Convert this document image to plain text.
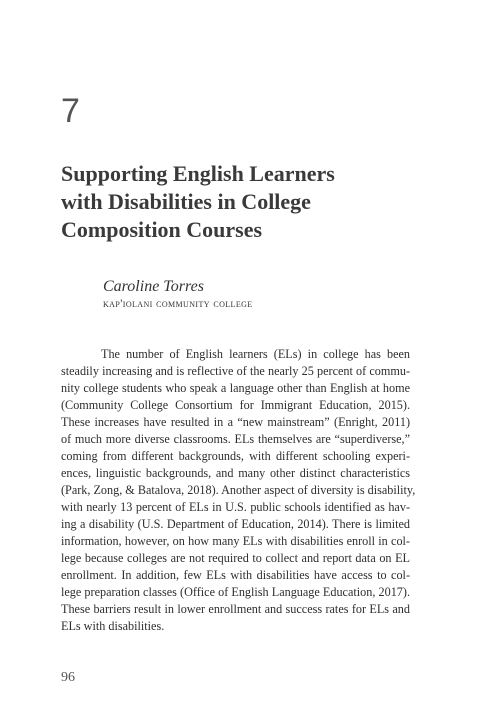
7
Supporting English Learners
with Disabilities in College
Composition Courses
Caroline Torres
kap'iolani community college
The number of English learners (ELs) in college has been
steadily increasing and is reflective of the nearly 25 percent of commu-
nity college students who speak a language other than English at home
(Community College Consortium for Immigrant Education, 2015).
These increases have resulted in a “new mainstream” (Enright, 2011)
of much more diverse classrooms. ELs themselves are “superdiverse,”
coming from different backgrounds, with different schooling experi-
ences, linguistic backgrounds, and many other distinct characteristics
(Park, Zong, & Batalova, 2018). Another aspect of diversity is disability,
with nearly 13 percent of ELs in U.S. public schools identified as hav-
ing a disability (U.S. Department of Education, 2014). There is limited
information, however, on how many ELs with disabilities enroll in col-
lege because colleges are not required to collect and report data on EL
enrollment. In addition, few ELs with disabilities have access to col-
lege preparation classes (Office of English Language Education, 2017).
These barriers result in lower enrollment and success rates for ELs and
ELs with disabilities.
96
